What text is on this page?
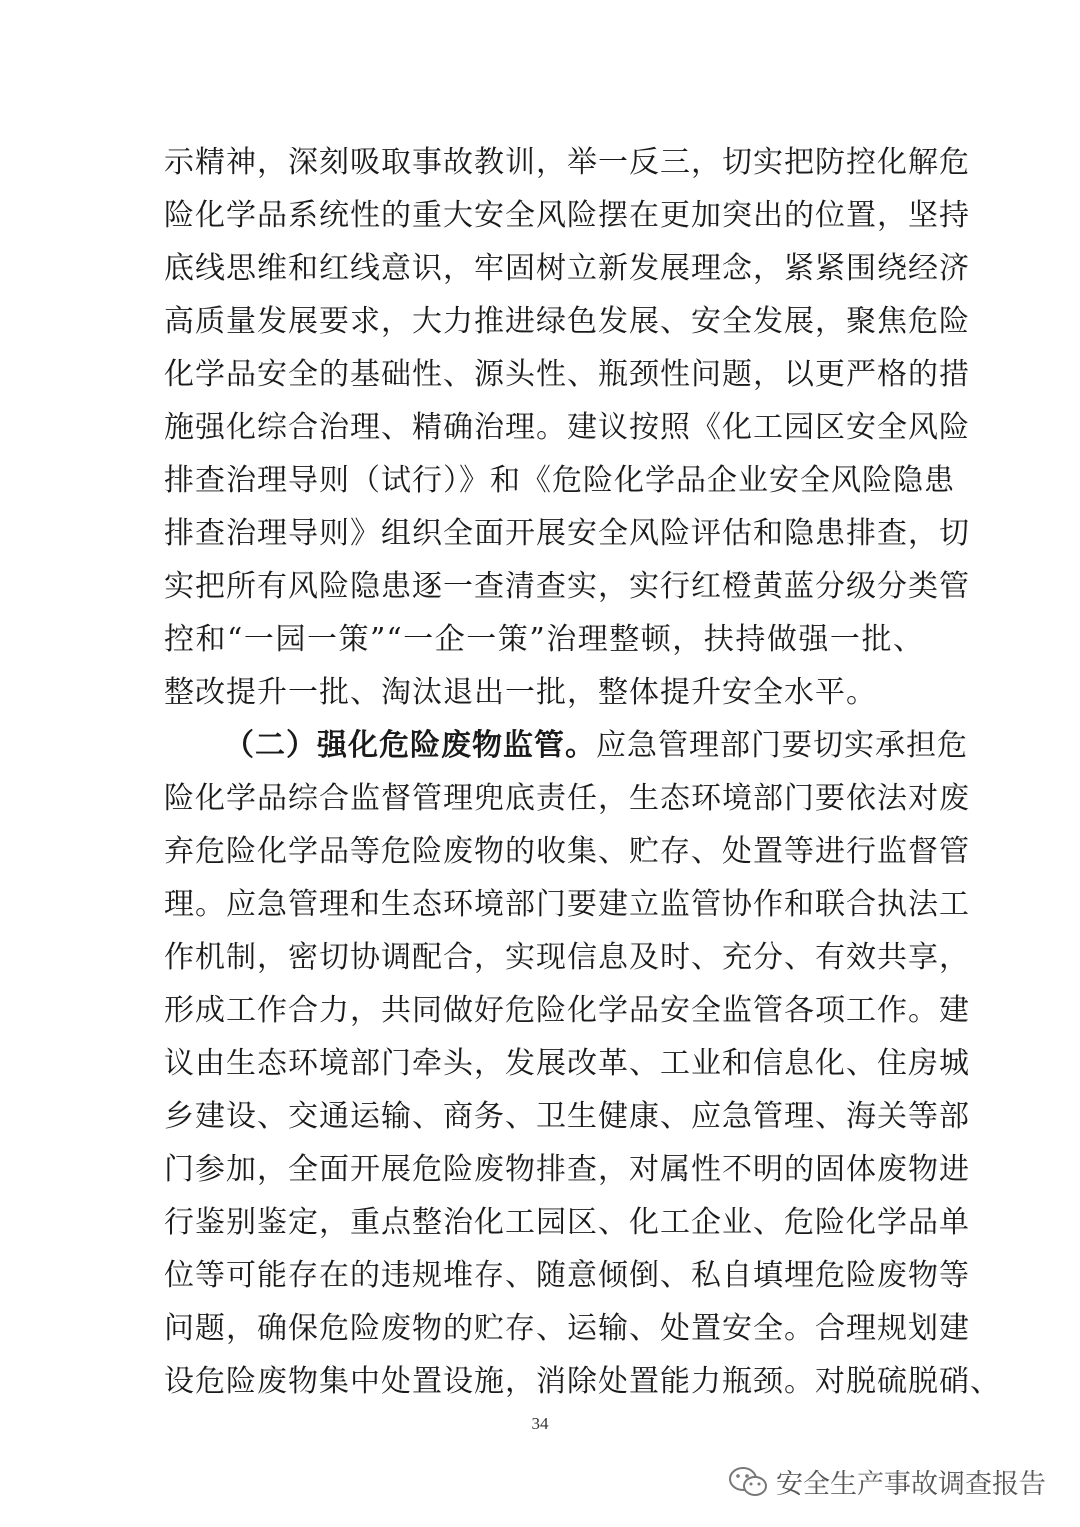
示精神，深刻吸取事故教训，举一反三，切实把防控化解危
险化学品系统性的重大安全风险摆在更加突出的位置，坚持
底线思维和红线意识，牢固树立新发展理念，紧紧围绕经济
高质量发展要求，大力推进绿色发展、安全发展，聚焦危险
化学品安全的基础性、源头性、瓶颈性问题，以更严格的措
施强化综合治理、精确治理。建议按照《化工园区安全风险
排查治理导则（试行）》和《危险化学品企业安全风险隐患
排查治理导则》组织全面开展安全风险评估和隐患排查，切
实把所有风险隐患逐一查清查实，实行红橙黄蓝分级分类管
控和“一园一策”“一企一策”治理整顿，扶持做强一批、
整改提升一批、淘汰退出一批，整体提升安全水平。
（二）强化危险废物监管。应急管理部门要切实承担危
险化学品综合监督管理兜底责任，生态环境部门要依法对废
弃危险化学品等危险废物的收集、贮存、处置等进行监督管
理。应急管理和生态环境部门要建立监管协作和联合执法工
作机制，密切协调配合，实现信息及时、充分、有效共享，
形成工作合力，共同做好危险化学品安全监管各项工作。建
议由生态环境部门牵头，发展改革、工业和信息化、住房城
乡建设、交通运输、商务、卫生健康、应急管理、海关等部
门参加，全面开展危险废物排查，对属性不明的固体废物进
行鉴别鉴定，重点整治化工园区、化工企业、危险化学品单
位等可能存在的违规堆存、随意倾倒、私自填埋危险废物等
问题，确保危险废物的贮存、运输、处置安全。合理规划建
设危险废物集中处置设施，消除处置能力瓶颈。对脱硫脱硝、
34
安全生产事故调查报告
